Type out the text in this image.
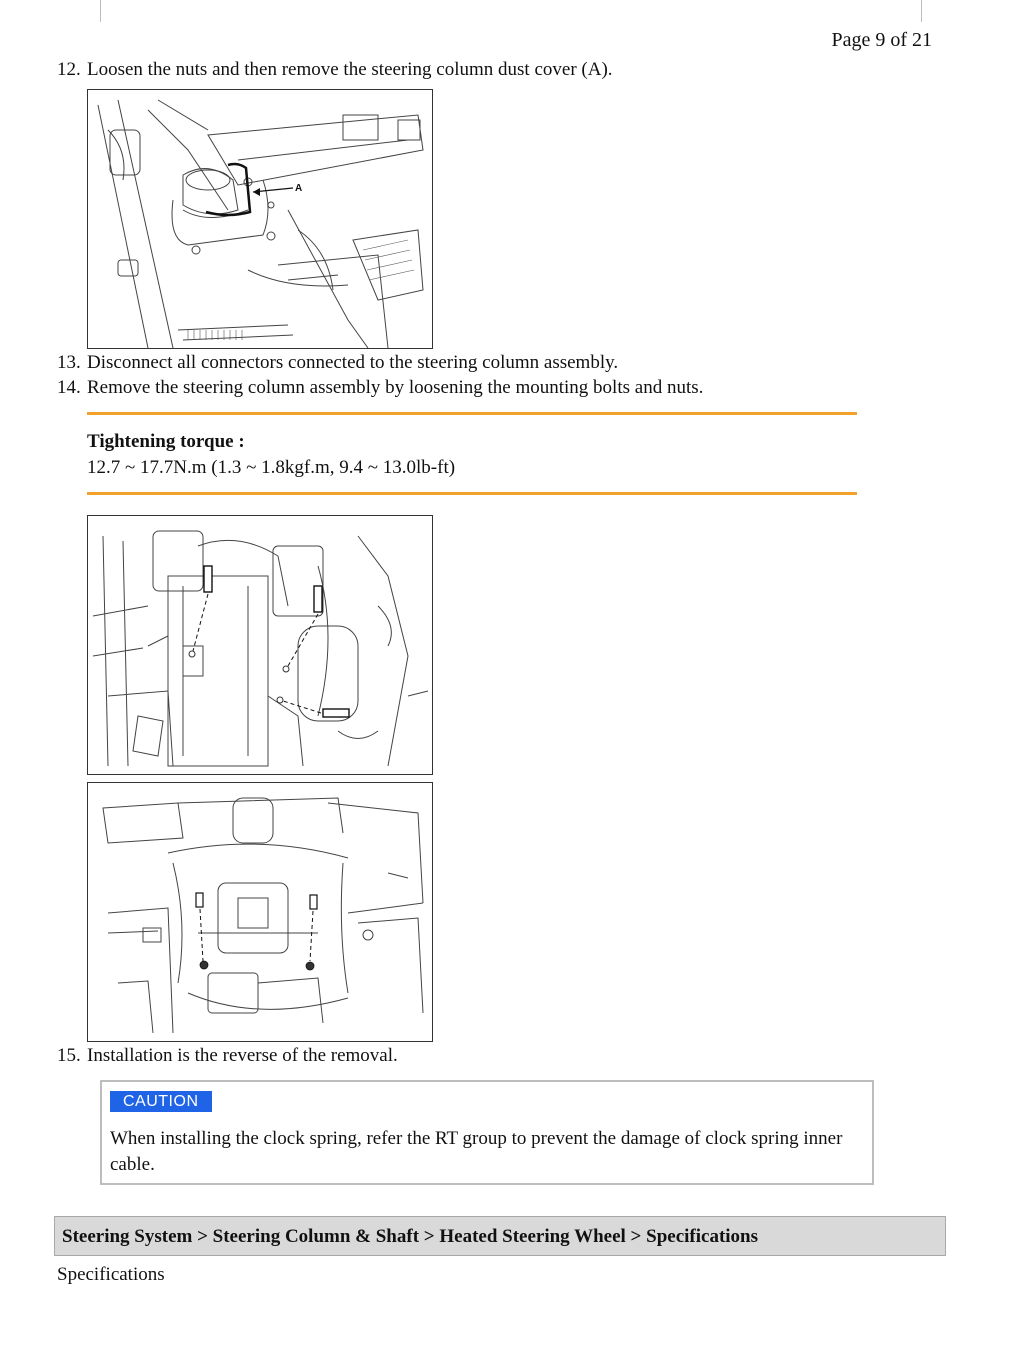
Page 9 of 21
12. Loosen the nuts and then remove the steering column dust cover (A).
A
13. Disconnect all connectors connected to the steering column assembly.
14. Remove the steering column assembly by loosening the mounting bolts and nuts.
Tightening torque :
12.7 ~ 17.7N.m (1.3 ~ 1.8kgf.m, 9.4 ~ 13.0lb-ft)
15. Installation is the reverse of the removal.
CAUTION
When installing the clock spring, refer the RT group to prevent the damage of clock spring inner cable.
Steering System > Steering Column & Shaft > Heated Steering Wheel > Specifications
Specifications
